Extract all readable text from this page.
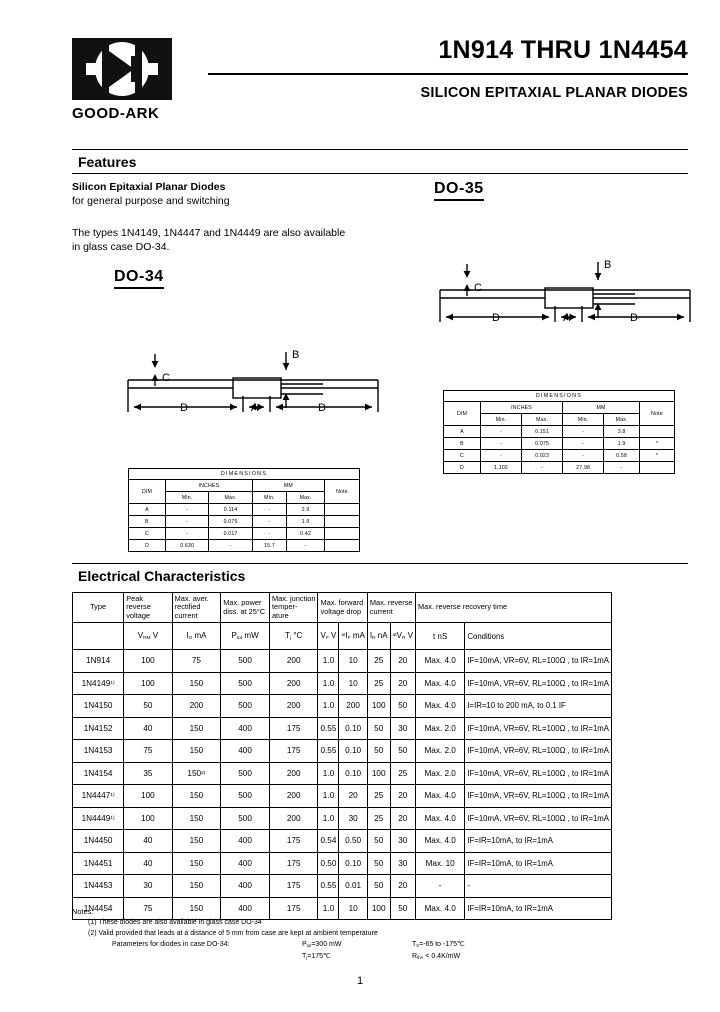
GOOD-ARK
1N914 THRU 1N4454
SILICON EPITAXIAL PLANAR DIODES
Features
Silicon Epitaxial Planar Diodes
for general purpose and switching
The types 1N4149, 1N4447 and 1N4449 are also available
in glass case DO-34.
DO-35
DO-34
C
B
D	A	D
C
B
D	A	D
DIMENSIONS					
DIM	INCHES		MM		Note
	Min.	Max.	Min.	Max.	
A	-	0.151	-	3.8	
B	-	0.075	-	1.9	*
C	-	0.023	-	0.58	*
D	1.102	-	27.98	-	
DIMENSIONS					
DIM	INCHES		MM		Note
	Min.	Max.	Min.	Max.	
A	-	0.114	-	2.9	
B	-	0.075	-	1.9	
C	-	0.017	-	0.42	
D	0.630	-	15.7	-	
Electrical Characteristics
Type	Peak reverse voltage	Max. aver. rectified current	Max. power diss. at 25°C	Max. junction temper- ature	Max. forward voltage drop		Max. reverse current		Max. reverse recovery time	
	$V_{RM}$ V	$I_O$ mA	$P_{tot}$ mW	$T_j$ °C	$V_F$ V	$^{at}I_F$ mA	$I_R$ nA	$^{at}V_R$ V	t nS	Conditions
1N914	100	75	500	200	1.0	10	25	20	Max. 4.0	IF=10mA, VR=6V, RL=100Ω , to IR=1mA
1N4149$^{1)}$	100	150	500	200	1.0	10	25	20	Max. 4.0	IF=10mA, VR=6V, RL=100Ω , to IR=1mA
1N4150	50	200	500	200	1.0	200	100	50	Max. 4.0	I=IR=10 to 200 mA, to 0.1 IF
1N4152	40	150	400	175	0.55	0.10	50	30	Max. 2.0	IF=10mA, VR=6V, RL=100Ω , to IR=1mA
1N4153	75	150	400	175	0.55	0.10	50	50	Max. 2.0	IF=10mA, VR=6V, RL=100Ω , to IR=1mA
1N4154	35	150$^{2)}$	500	200	1.0	0.10	100	25	Max. 2.0	IF=10mA, VR=6V, RL=100Ω , to IR=1mA
1N4447$^{1)}$	100	150	500	200	1.0	20	25	20	Max. 4.0	IF=10mA, VR=6V, RL=100Ω , to IR=1mA
1N4449$^{1)}$	100	150	500	200	1.0	30	25	20	Max. 4.0	IF=10mA, VR=6V, RL=100Ω , to IR=1mA
1N4450	40	150	400	175	0.54	0.50	50	30	Max. 4.0	IF=IR=10mA, to IR=1mA
1N4451	40	150	400	175	0.50	0.10	50	30	Max. 10	IF=IR=10mA, to IR=1mA
1N4453	30	150	400	175	0.55	0.01	50	20	-	-
1N4454	75	150	400	175	1.0	10	100	50	Max. 4.0	IF=IR=10mA, to IR=1mA
Notes:
(1) These diodes are also available in glass case DO-34
(2) Valid provided that leads at a distance of 5 mm from case are kept at ambient temperature
Parameters for diodes in case DO-34:	$P_{tot}=300$ mW
$T_j=175℃$
$T_S=-65$ to -175℃
$R_{thA} < 0.4K/mW$
1
